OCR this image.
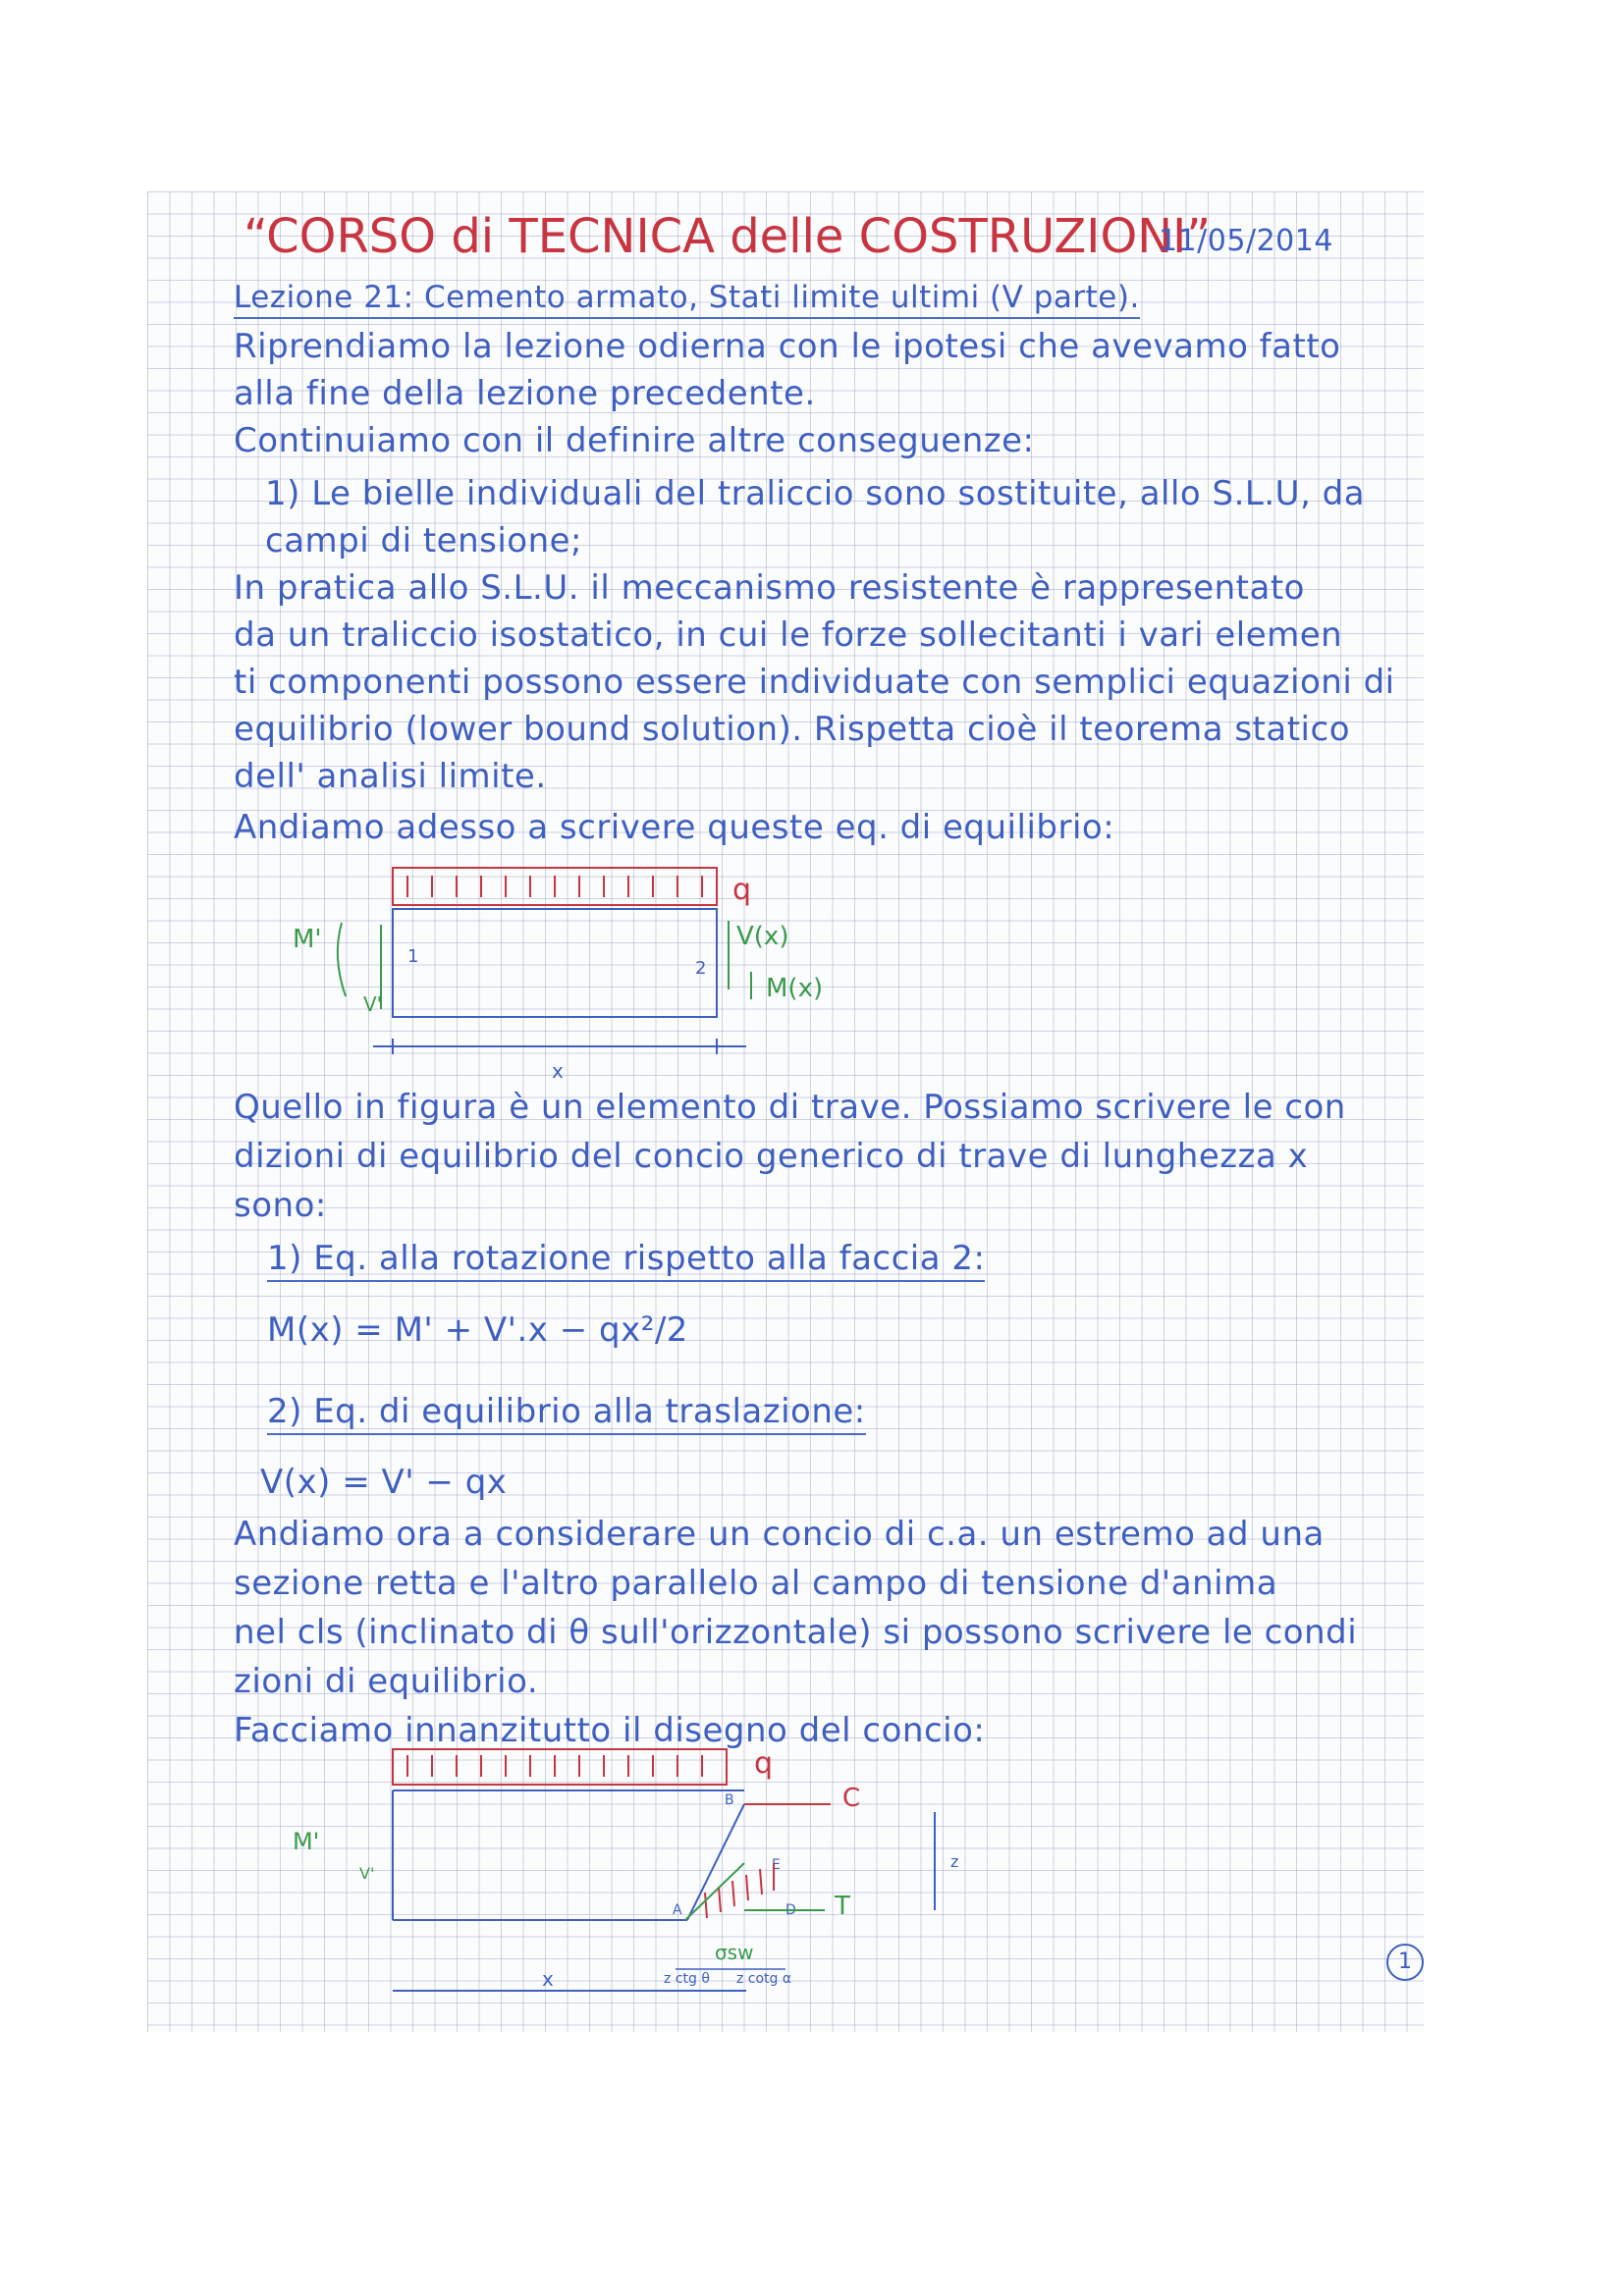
“CORSO di TECNICA delle COSTRUZIONI”
11/05/2014
Lezione 21: Cemento armato, Stati limite ultimi (V parte).
Riprendiamo la lezione odierna con le ipotesi che avevamo fatto
alla fine della lezione precedente.
Continuiamo con il definire altre conseguenze:
1) Le bielle individuali del traliccio sono sostituite, allo S.L.U, da
campi di tensione;
In pratica allo S.L.U. il meccanismo resistente è rappresentato
da un traliccio isostatico, in cui le forze sollecitanti i vari elemen
ti componenti possono essere individuate con semplici equazioni di
equilibrio (lower bound solution). Rispetta cioè il teorema statico
dell' analisi limite.
Andiamo adesso a scrivere queste eq. di equilibrio:
q
1
2
M'
V'
V(x)
M(x)
x
Quello in figura è un elemento di trave. Possiamo scrivere le con
dizioni di equilibrio del concio generico di trave di lunghezza x
sono:
1) Eq. alla rotazione rispetto alla faccia 2:
M(x) = M' + V'.x − qx²/2
2) Eq. di equilibrio alla traslazione:
V(x) = V' − qx
Andiamo ora a considerare un concio di c.a. un estremo ad una
sezione retta e l'altro parallelo al campo di tensione d'anima
nel cls (inclinato di θ sull'orizzontale) si possono scrivere le condi
zioni di equilibrio.
Facciamo innanzitutto il disegno del concio:
q
B
A	D
E
C
T
σsw
z
M'
V'
z ctg θ z cotg α
x
1
